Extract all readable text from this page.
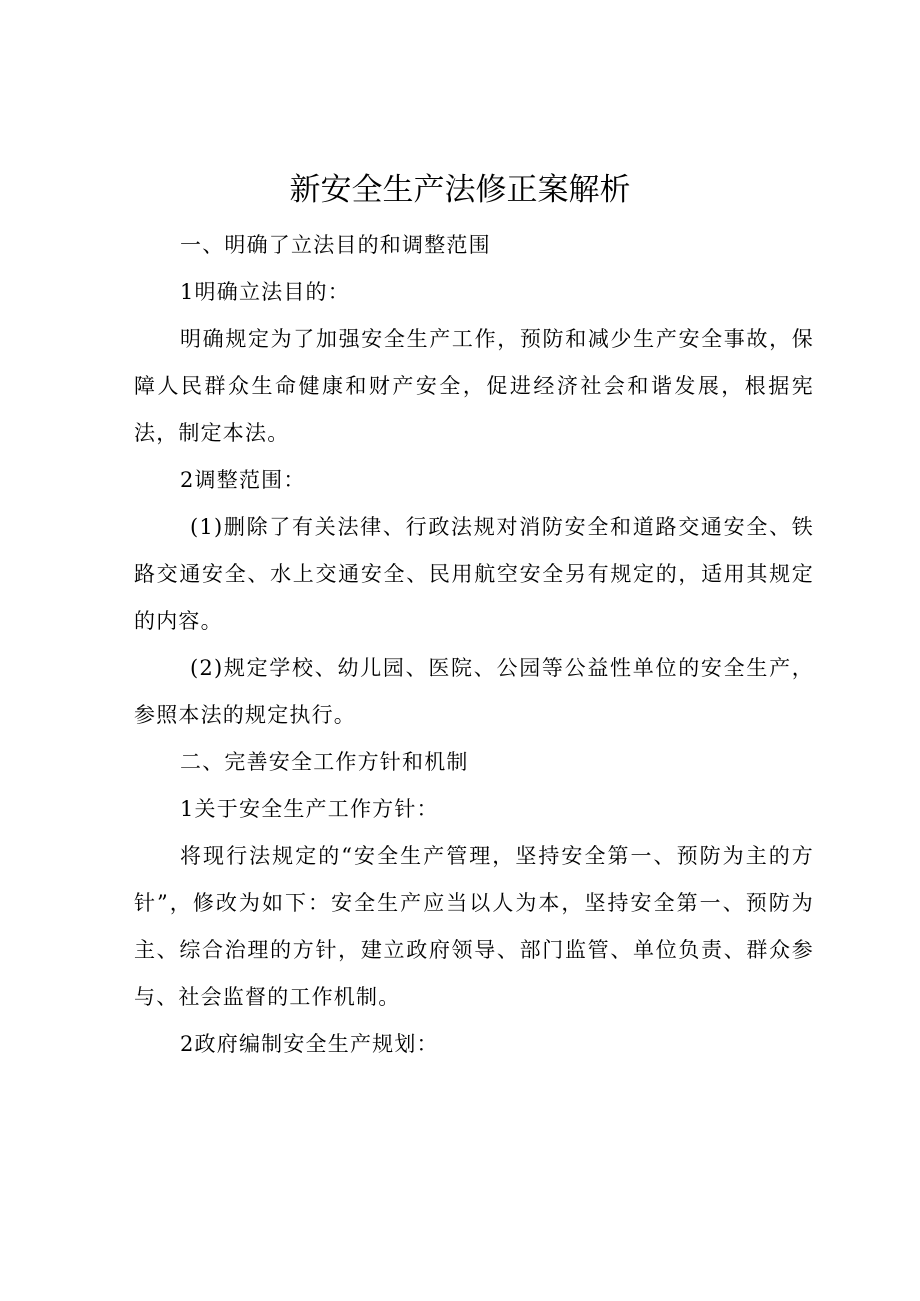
新安全生产法修正案解析

一、明确了立法目的和调整范围

1明确立法目的：

明确规定为了加强安全生产工作，预防和减少生产安全事故，保障人民群众生命健康和财产安全，促进经济社会和谐发展，根据宪法，制定本法。

2调整范围：

(1)删除了有关法律、行政法规对消防安全和道路交通安全、铁路交通安全、水上交通安全、民用航空安全另有规定的，适用其规定的内容。

(2)规定学校、幼儿园、医院、公园等公益性单位的安全生产，参照本法的规定执行。

二、完善安全工作方针和机制

1关于安全生产工作方针：

将现行法规定的“安全生产管理，坚持安全第一、预防为主的方针”，修改为如下：安全生产应当以人为本，坚持安全第一、预防为主、综合治理的方针，建立政府领导、部门监管、单位负责、群众参与、社会监督的工作机制。

2政府编制安全生产规划：
